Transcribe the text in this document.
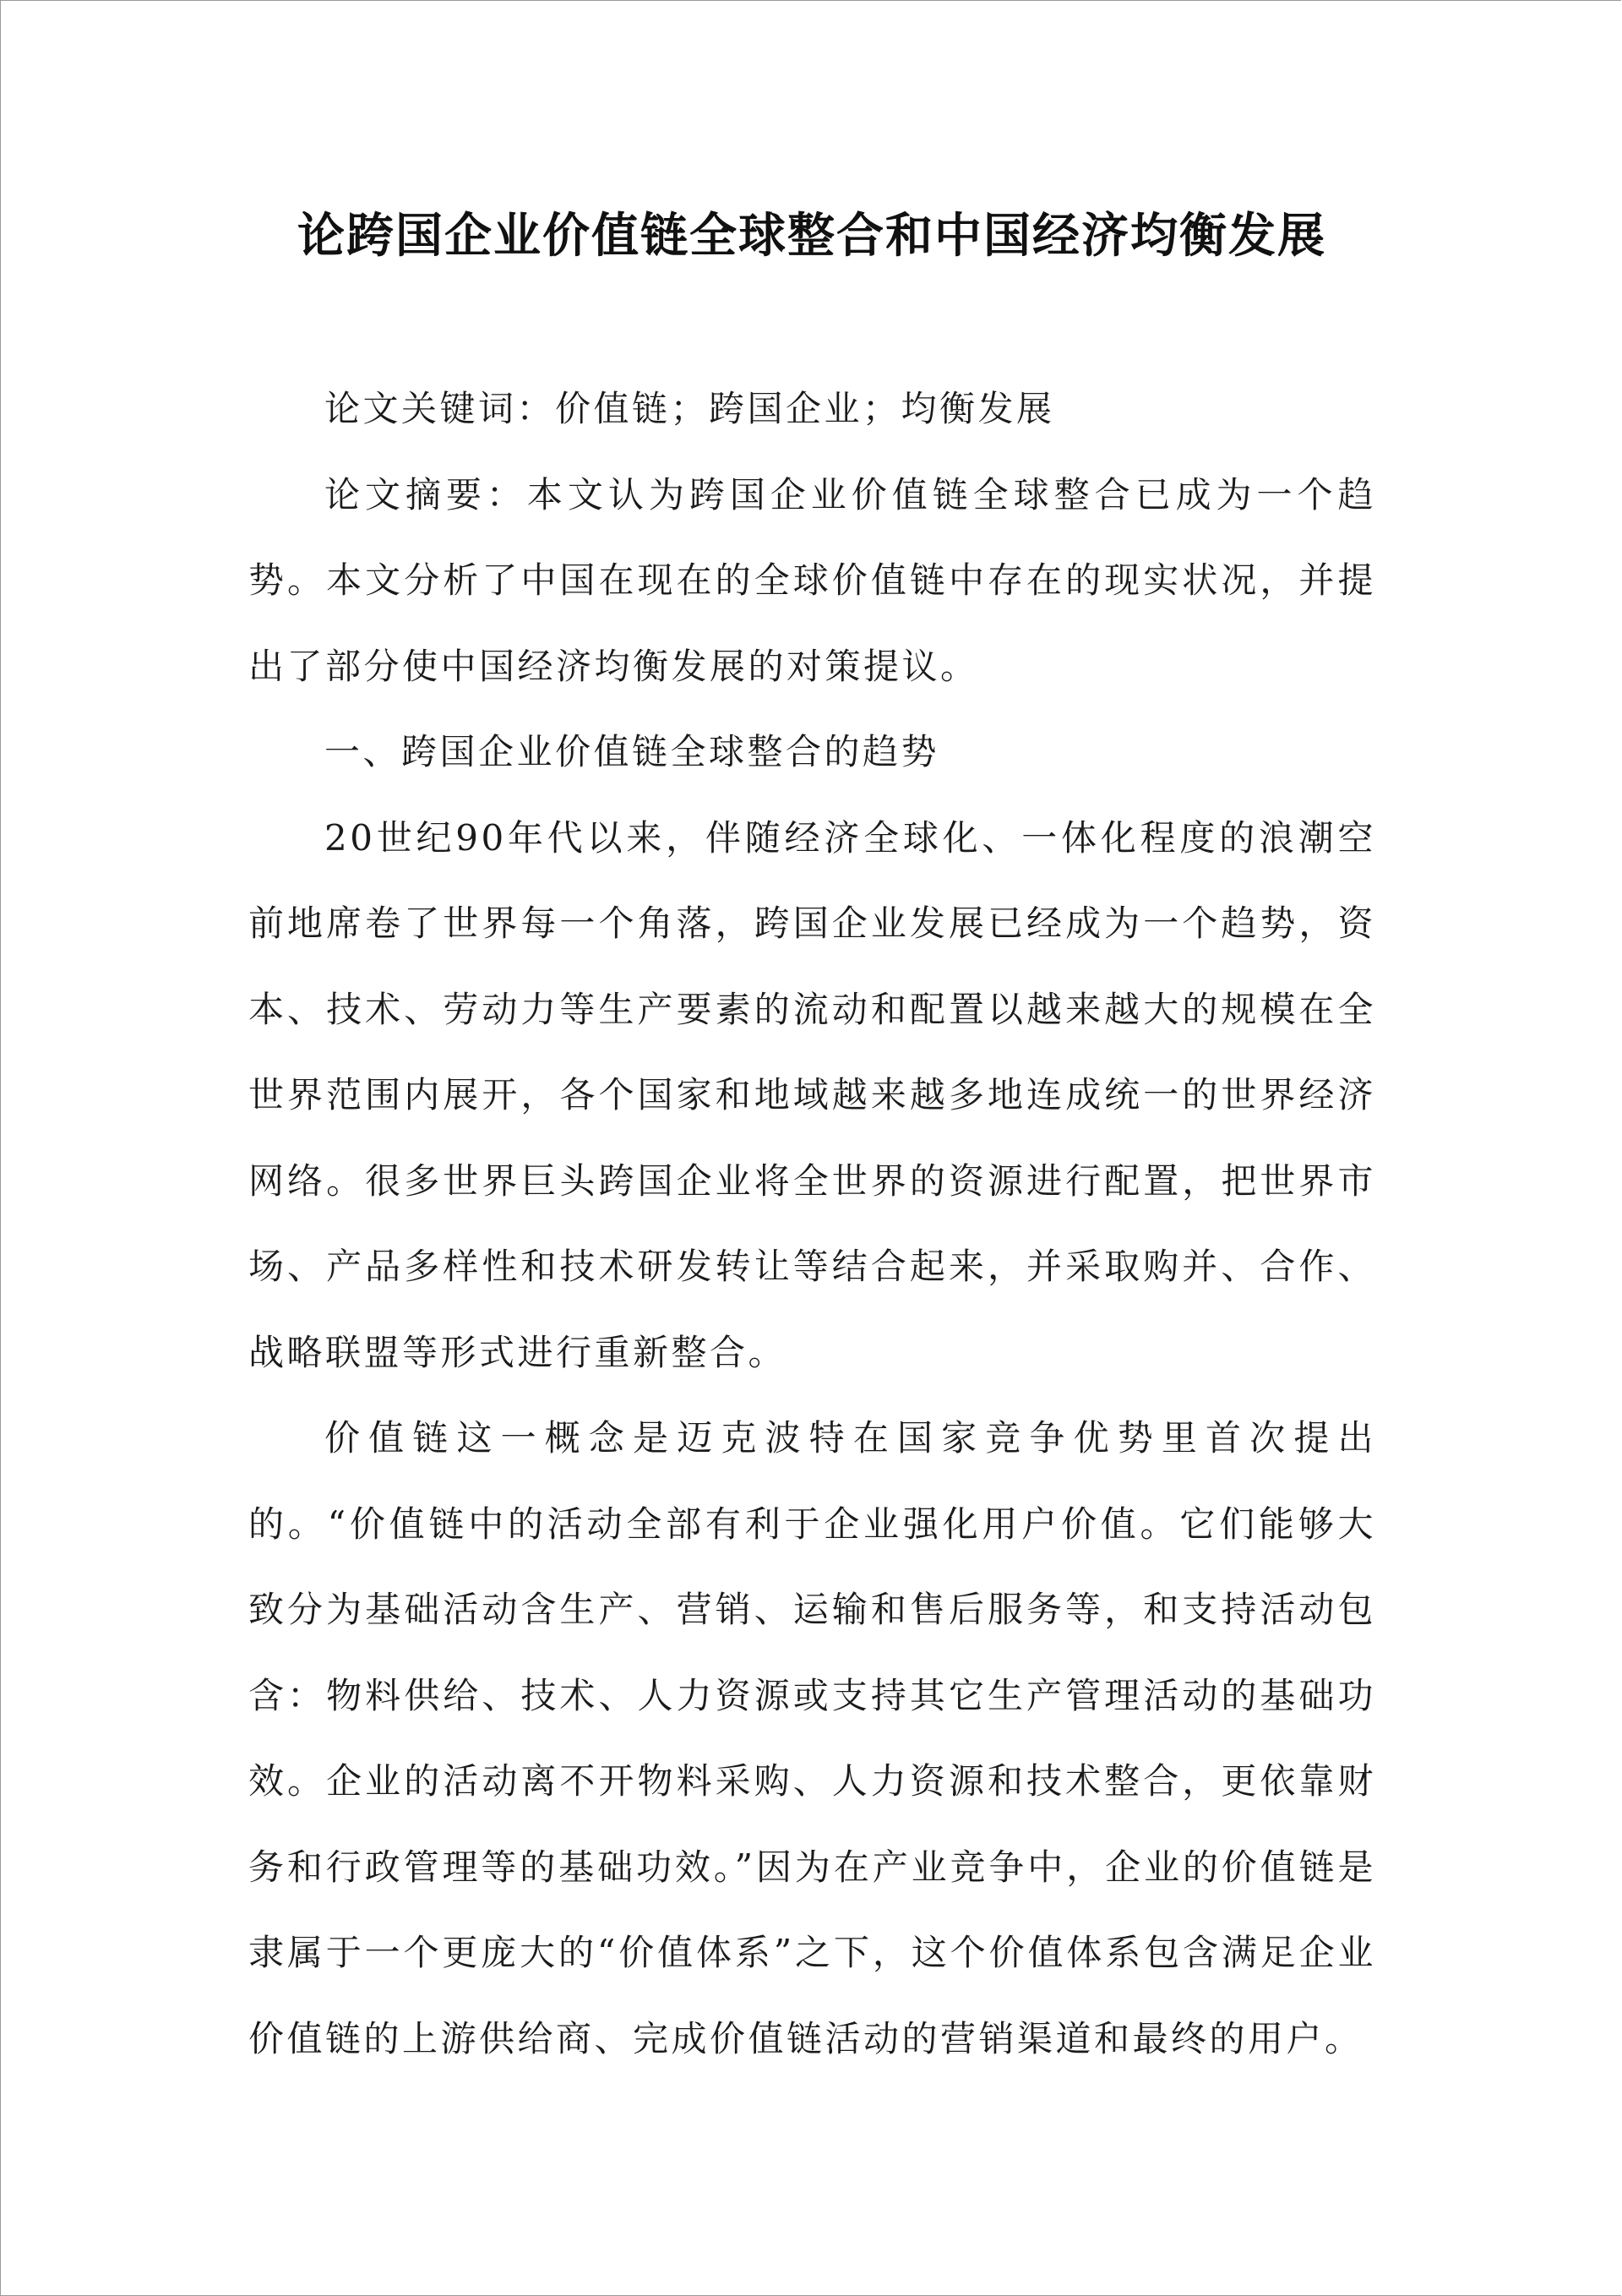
论跨国企业价值链全球整合和中国经济均衡发展

论文关键词：价值链；跨国企业；均衡发展

论文摘要：本文认为跨国企业价值链全球整合已成为一个趋势。本文分析了中国在现在的全球价值链中存在的现实状况，并提出了部分使中国经济均衡发展的对策提议。

一、跨国企业价值链全球整合的趋势

20世纪90年代以来，伴随经济全球化、一体化程度的浪潮空前地席卷了世界每一个角落，跨国企业发展已经成为一个趋势，资本、技术、劳动力等生产要素的流动和配置以越来越大的规模在全世界范围内展开，各个国家和地域越来越多地连成统一的世界经济网络。很多世界巨头跨国企业将全世界的资源进行配置，把世界市场、产品多样性和技术研发转让等结合起来，并采取购并、合作、战略联盟等形式进行重新整合。

价值链这一概念是迈克波特在国家竞争优势里首次提出的。“价值链中的活动全部有利于企业强化用户价值。它们能够大致分为基础活动含生产、营销、运输和售后服务等，和支持活动包含：物料供给、技术、人力资源或支持其它生产管理活动的基础功效。企业的活动离不开物料采购、人力资源和技术整合，更依靠财务和行政管理等的基础功效。”因为在产业竞争中，企业的价值链是隶属于一个更庞大的“价值体系”之下，这个价值体系包含满足企业价值链的上游供给商、完成价值链活动的营销渠道和最终的用户。
